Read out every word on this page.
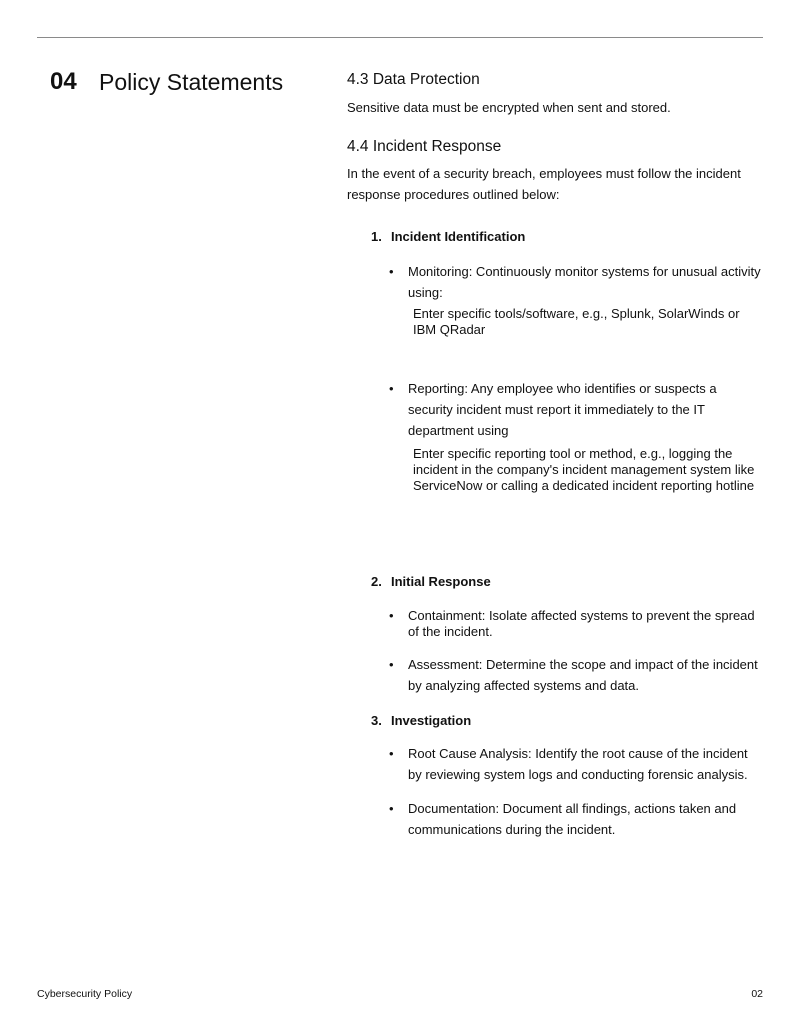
04 Policy Statements	4.3 Data Protection

Sensitive data must be encrypted when sent and stored.

4.4 Incident Response

In the event of a security breach, employees must follow the incident response procedures outlined below:

1. Incident Identification
• Monitoring: Continuously monitor systems for unusual activity using:
Enter specific tools/software, e.g., Splunk, SolarWinds or IBM QRadar
• Reporting: Any employee who identifies or suspects a security incident must report it immediately to the IT department using
Enter specific reporting tool or method, e.g., logging the incident in the company's incident management system like ServiceNow or calling a dedicated incident reporting hotline
2. Initial Response
• Containment: Isolate affected systems to prevent the spread of the incident.
• Assessment: Determine the scope and impact of the incident by analyzing affected systems and data.
3. Investigation
• Root Cause Analysis: Identify the root cause of the incident by reviewing system logs and conducting forensic analysis.
• Documentation: Document all findings, actions taken and communications during the incident.
Cybersecurity Policy	02
